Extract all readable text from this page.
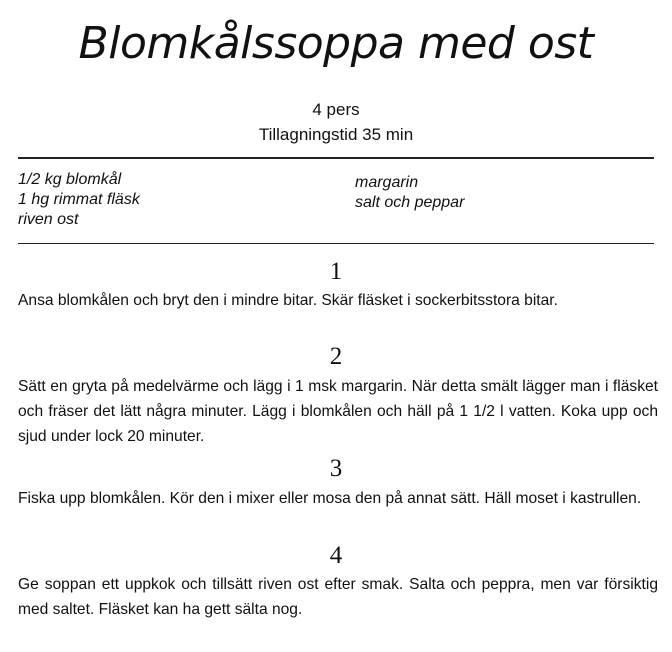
Blomkålssoppa med ost
4 pers
Tillagningstid 35 min
1/2 kg blomkål
1 hg rimmat fläsk
riven ost
margarin
salt och peppar
1
Ansa blomkålen och bryt den i mindre bitar. Skär fläsket i sockerbitsstora bitar.
2
Sätt en gryta på medelvärme och lägg i 1 msk margarin. När detta smält lägger man i fläsket och fräser det lätt några minuter. Lägg i blomkålen och häll på 1 1/2 l vatten. Koka upp och sjud under lock 20 minuter.
3
Fiska upp blomkålen. Kör den i mixer eller mosa den på annat sätt. Häll moset i kastrullen.
4
Ge soppan ett uppkok och tillsätt riven ost efter smak. Salta och peppra, men var försiktig med saltet. Fläsket kan ha gett sälta nog.
